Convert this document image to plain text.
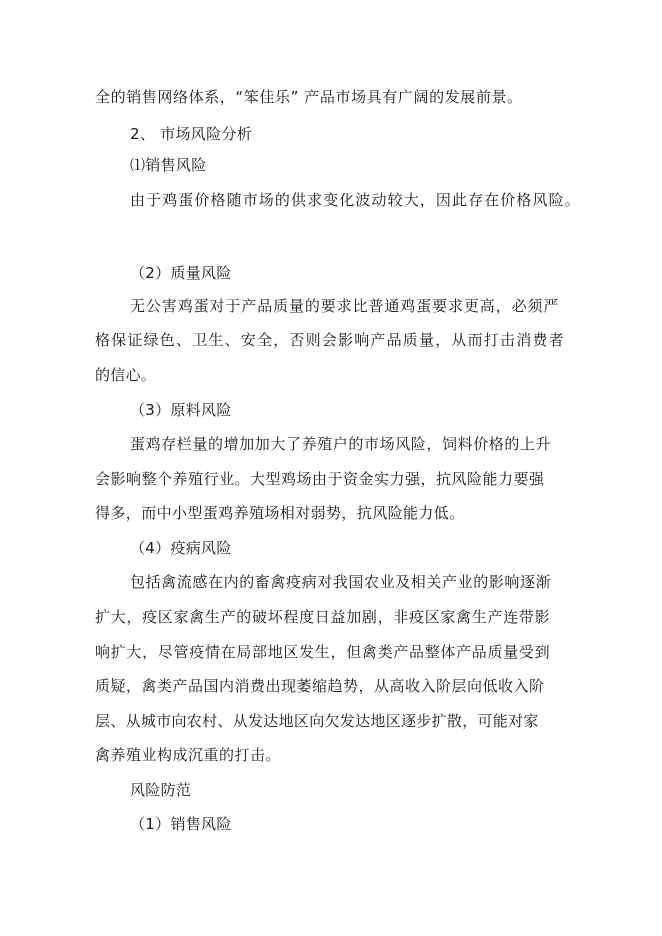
全的销售网络体系，“笨佳乐” 产品市场具有广阔的发展前景。
2、 市场风险分析
⑴销售风险
由于鸡蛋价格随市场的供求变化波动较大，因此存在价格风险。
（2）质量风险
无公害鸡蛋对于产品质量的要求比普通鸡蛋要求更高，必须严
格保证绿色、卫生、安全，否则会影响产品质量，从而打击消费者
的信心。
（3）原料风险
蛋鸡存栏量的增加加大了养殖户的市场风险，饲料价格的上升
会影响整个养殖行业。大型鸡场由于资金实力强，抗风险能力要强
得多，而中小型蛋鸡养殖场相对弱势，抗风险能力低。
（4）疫病风险
包括禽流感在内的畜禽疫病对我国农业及相关产业的影响逐渐
扩大，疫区家禽生产的破坏程度日益加剧，非疫区家禽生产连带影
响扩大，尽管疫情在局部地区发生，但禽类产品整体产品质量受到
质疑，禽类产品国内消费出现萎缩趋势，从高收入阶层向低收入阶
层、从城市向农村、从发达地区向欠发达地区逐步扩散，可能对家
禽养殖业构成沉重的打击。
风险防范
（1）销售风险
